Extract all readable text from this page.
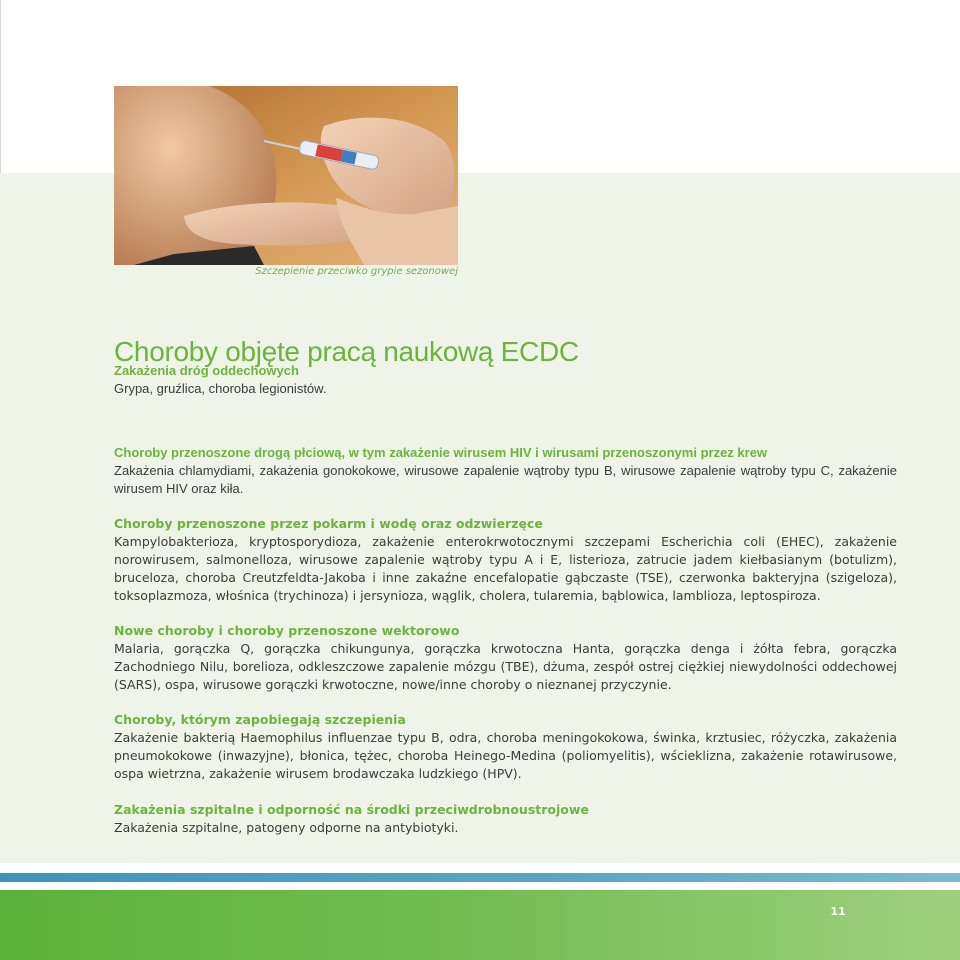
Szczepienie przeciwko grypie sezonowej
Choroby objęte pracą naukową ECDC
Zakażenia dróg oddechowych

Grypa, gruźlica, choroba legionistów.

Choroby przenoszone drogą płciową, w tym zakażenie wirusem HIV i wirusami przenoszonymi przez krew

Zakażenia chlamydiami, zakażenia gonokokowe, wirusowe zapalenie wątroby typu B, wirusowe zapalenie wątroby typu C, zakażenie wirusem HIV oraz kiła.

Choroby przenoszone przez pokarm i wodę oraz odzwierzęce

Kampylobakterioza, kryptosporydioza, zakażenie enterokrwotocznymi szczepami Escherichia coli (EHEC), zakażenie norowirusem, salmonelloza, wirusowe zapalenie wątroby typu A i E, listerioza, zatrucie jadem kiełbasianym (botulizm), bruceloza, choroba Creutzfeldta-Jakoba i inne zakaźne encefalopatie gąbczaste (TSE), czerwonka bakteryjna (szigeloza), toksoplazmoza, włośnica (trychinoza) i jersynioza, wąglik, cholera, tularemia, bąblowica, lamblioza, leptospiroza.

Nowe choroby i choroby przenoszone wektorowo

Malaria, gorączka Q, gorączka chikungunya, gorączka krwotoczna Hanta, gorączka denga i żółta febra, gorączka Zachodniego Nilu, borelioza, odkleszczowe zapalenie mózgu (TBE), dżuma, zespół ostrej ciężkiej niewydolności oddechowej (SARS), ospa, wirusowe gorączki krwotoczne, nowe/inne choroby o nieznanej przyczynie.

Choroby, którym zapobiegają szczepienia

Zakażenie bakterią Haemophilus influenzae typu B, odra, choroba meningokokowa, świnka, krztusiec, różyczka, zakażenia pneumokokowe (inwazyjne), błonica, tężec, choroba Heinego-Medina (poliomyelitis), wścieklizna, zakażenie rotawirusowe, ospa wietrzna, zakażenie wirusem brodawczaka ludzkiego (HPV).

Zakażenia szpitalne i odporność na środki przeciwdrobnoustrojowe

Zakażenia szpitalne, patogeny odporne na antybiotyki.

11
